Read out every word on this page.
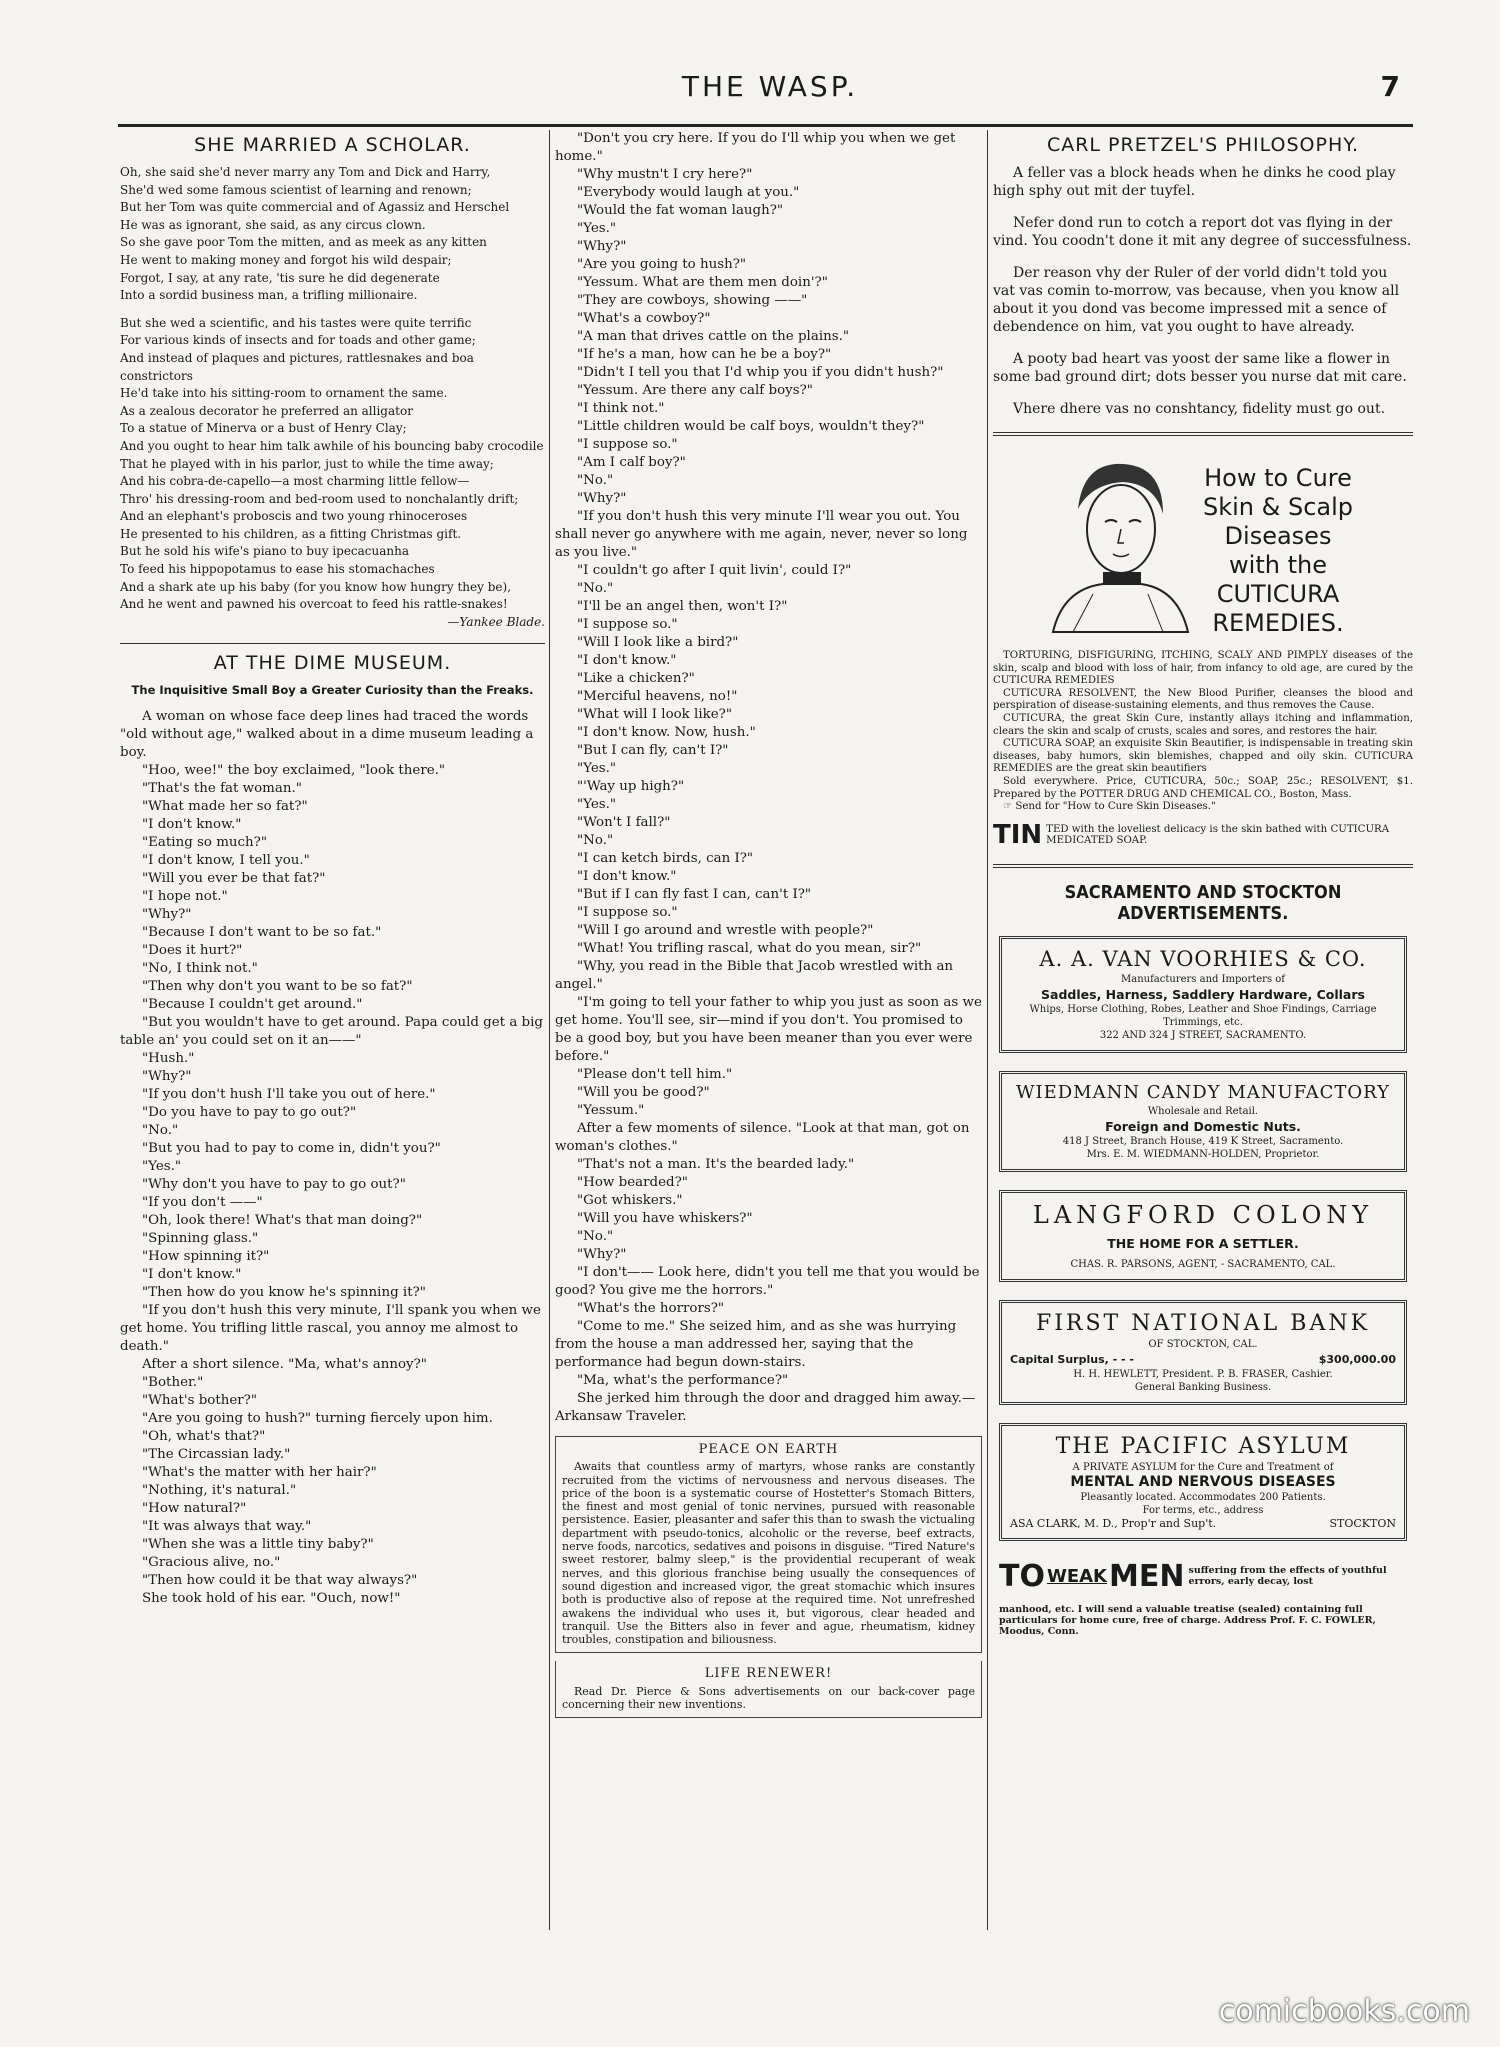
THE WASP.	7
SHE MARRIED A SCHOLAR.

Oh, she said she'd never marry any Tom and Dick and Harry,

She'd wed some famous scientist of learning and renown;

But her Tom was quite commercial and of Agassiz and Herschel

He was as ignorant, she said, as any circus clown.

So she gave poor Tom the mitten, and as meek as any kitten

He went to making money and forgot his wild despair;

Forgot, I say, at any rate, 'tis sure he did degenerate

Into a sordid business man, a trifling millionaire.

But she wed a scientific, and his tastes were quite terrific

For various kinds of insects and for toads and other game;

And instead of plaques and pictures, rattlesnakes and boa constrictors

He'd take into his sitting-room to ornament the same.

As a zealous decorator he preferred an alligator

To a statue of Minerva or a bust of Henry Clay;

And you ought to hear him talk awhile of his bouncing baby crocodile

That he played with in his parlor, just to while the time away;

And his cobra-de-capello—a most charming little fellow—

Thro' his dressing-room and bed-room used to nonchalantly drift;

And an elephant's proboscis and two young rhinoceroses

He presented to his children, as a fitting Christmas gift.

But he sold his wife's piano to buy ipecacuanha

To feed his hippopotamus to ease his stomachaches

And a shark ate up his baby (for you know how hungry they be),

And he went and pawned his overcoat to feed his rattle-snakes!

—Yankee Blade.
AT THE DIME MUSEUM.
The Inquisitive Small Boy a Greater Curiosity than the Freaks.

A woman on whose face deep lines had traced the words "old without age," walked about in a dime museum leading a boy.

"Hoo, wee!" the boy exclaimed, "look there."

"That's the fat woman."

"What made her so fat?"

"I don't know."

"Eating so much?"

"I don't know, I tell you."

"Will you ever be that fat?"

"I hope not."

"Why?"

"Because I don't want to be so fat."

"Does it hurt?"

"No, I think not."

"Then why don't you want to be so fat?"

"Because I couldn't get around."

"But you wouldn't have to get around. Papa could get a big table an' you could set on it an——"

"Hush."

"Why?"

"If you don't hush I'll take you out of here."

"Do you have to pay to go out?"

"No."

"But you had to pay to come in, didn't you?"

"Yes."

"Why don't you have to pay to go out?"

"If you don't ——"

"Oh, look there! What's that man doing?"

"Spinning glass."

"How spinning it?"

"I don't know."

"Then how do you know he's spinning it?"

"If you don't hush this very minute, I'll spank you when we get home. You trifling little rascal, you annoy me almost to death."

After a short silence. "Ma, what's annoy?"

"Bother."

"What's bother?"

"Are you going to hush?" turning fiercely upon him.

"Oh, what's that?"

"The Circassian lady."

"What's the matter with her hair?"

"Nothing, it's natural."

"How natural?"

"It was always that way."

"When she was a little tiny baby?"

"Gracious alive, no."

"Then how could it be that way always?"

She took hold of his ear. "Ouch, now!"

"Don't you cry here. If you do I'll whip you when we get home."

"Why mustn't I cry here?"

"Everybody would laugh at you."

"Would the fat woman laugh?"

"Yes."

"Why?"

"Are you going to hush?"

"Yessum. What are them men doin'?"

"They are cowboys, showing ——"

"What's a cowboy?"

"A man that drives cattle on the plains."

"If he's a man, how can he be a boy?"

"Didn't I tell you that I'd whip you if you didn't hush?"

"Yessum. Are there any calf boys?"

"I think not."

"Little children would be calf boys, wouldn't they?"

"I suppose so."

"Am I calf boy?"

"No."

"Why?"

"If you don't hush this very minute I'll wear you out. You shall never go anywhere with me again, never, never so long as you live."

"I couldn't go after I quit livin', could I?"

"No."

"I'll be an angel then, won't I?"

"I suppose so."

"Will I look like a bird?"

"I don't know."

"Like a chicken?"

"Merciful heavens, no!"

"What will I look like?"

"I don't know. Now, hush."

"But I can fly, can't I?"

"Yes."

"'Way up high?"

"Yes."

"Won't I fall?"

"No."

"I can ketch birds, can I?"

"I don't know."

"But if I can fly fast I can, can't I?"

"I suppose so."

"Will I go around and wrestle with people?"

"What! You trifling rascal, what do you mean, sir?"

"Why, you read in the Bible that Jacob wrestled with an angel."

"I'm going to tell your father to whip you just as soon as we get home. You'll see, sir—mind if you don't. You promised to be a good boy, but you have been meaner than you ever were before."

"Please don't tell him."

"Will you be good?"

"Yessum."

After a few moments of silence. "Look at that man, got on woman's clothes."

"That's not a man. It's the bearded lady."

"How bearded?"

"Got whiskers."

"Will you have whiskers?"

"No."

"Why?"

"I don't—— Look here, didn't you tell me that you would be good? You give me the horrors."

"What's the horrors?"

"Come to me." She seized him, and as she was hurrying from the house a man addressed her, saying that the performance had begun down-stairs.

"Ma, what's the performance?"

She jerked him through the door and dragged him away.—Arkansaw Traveler.

PEACE ON EARTH

Awaits that countless army of martyrs, whose ranks are constantly recruited from the victims of nervousness and nervous diseases. The price of the boon is a systematic course of Hostetter's Stomach Bitters, the finest and most genial of tonic nervines, pursued with reasonable persistence. Easier, pleasanter and safer this than to swash the victualing department with pseudo-tonics, alcoholic or the reverse, beef extracts, nerve foods, narcotics, sedatives and poisons in disguise. "Tired Nature's sweet restorer, balmy sleep," is the providential recuperant of weak nerves, and this glorious franchise being usually the consequences of sound digestion and increased vigor, the great stomachic which insures both is productive also of repose at the required time. Not unrefreshed awakens the individual who uses it, but vigorous, clear headed and tranquil. Use the Bitters also in fever and ague, rheumatism, kidney troubles, constipation and biliousness.

LIFE RENEWER!

Read Dr. Pierce & Sons advertisements on our back-cover page concerning their new inventions.

CARL PRETZEL'S PHILOSOPHY.

A feller vas a block heads when he dinks he cood play high sphy out mit der tuyfel.

Nefer dond run to cotch a report dot vas flying in der vind. You coodn't done it mit any degree of successfulness.

Der reason vhy der Ruler of der vorld didn't told you vat vas comin to-morrow, vas because, vhen you know all about it you dond vas become impressed mit a sence of debendence on him, vat you ought to have already.

A pooty bad heart vas yoost der same like a flower in some bad ground dirt; dots besser you nurse dat mit care.

Vhere dhere vas no conshtancy, fidelity must go out.

How to Cure
Skin & Scalp
Diseases
with the
CUTICURA
REMEDIES.

TORTURING, DISFIGURING, ITCHING, SCALY AND PIMPLY diseases of the skin, scalp and blood with loss of hair, from infancy to old age, are cured by the CUTICURA REMEDIES

CUTICURA RESOLVENT, the New Blood Purifier, cleanses the blood and perspiration of disease-sustaining elements, and thus removes the Cause.

CUTICURA, the great Skin Cure, instantly allays itching and inflammation, clears the skin and scalp of crusts, scales and sores, and restores the hair.

CUTICURA SOAP, an exquisite Skin Beautifier, is indispensable in treating skin diseases, baby humors, skin blemishes, chapped and oily skin. CUTICURA REMEDIES are the great skin beautifiers

Sold everywhere. Price, CUTICURA, 50c.; SOAP, 25c.; RESOLVENT, $1. Prepared by the POTTER DRUG AND CHEMICAL CO., Boston, Mass.

☞ Send for "How to Cure Skin Diseases."

TIN TED with the loveliest delicacy is the skin bathed with CUTICURA MEDICATED SOAP.
SACRAMENTO AND STOCKTON ADVERTISEMENTS.
A. A. VAN VOORHIES & CO.
Manufacturers and Importers of
Saddles, Harness, Saddlery Hardware, Collars
Whips, Horse Clothing, Robes, Leather and Shoe Findings, Carriage Trimmings, etc.
322 AND 324 J STREET, SACRAMENTO.
WIEDMANN CANDY MANUFACTORY
Wholesale and Retail.
Foreign and Domestic Nuts.
418 J Street, Branch House, 419 K Street, Sacramento.
Mrs. E. M. WIEDMANN-HOLDEN, Proprietor.
LANGFORD COLONY
THE HOME FOR A SETTLER.
CHAS. R. PARSONS, AGENT, - SACRAMENTO, CAL.
FIRST NATIONAL BANK
OF STOCKTON, CAL.
Capital Surplus, - - -	$300,000.00
H. H. HEWLETT, President. P. B. FRASER, Cashier.
General Banking Business.
THE PACIFIC ASYLUM
A PRIVATE ASYLUM for the Cure and Treatment of
MENTAL AND NERVOUS DISEASES
Pleasantly located. Accommodates 200 Patients.
For terms, etc., address
ASA CLARK, M. D., Prop'r and Sup't.	STOCKTON
TO WEAK MEN suffering from the effects of youthful errors, early decay, lost
manhood, etc. I will send a valuable treatise (sealed) containing full particulars for home cure, free of charge. Address Prof. F. C. FOWLER, Moodus, Conn.
comicbooks.com
